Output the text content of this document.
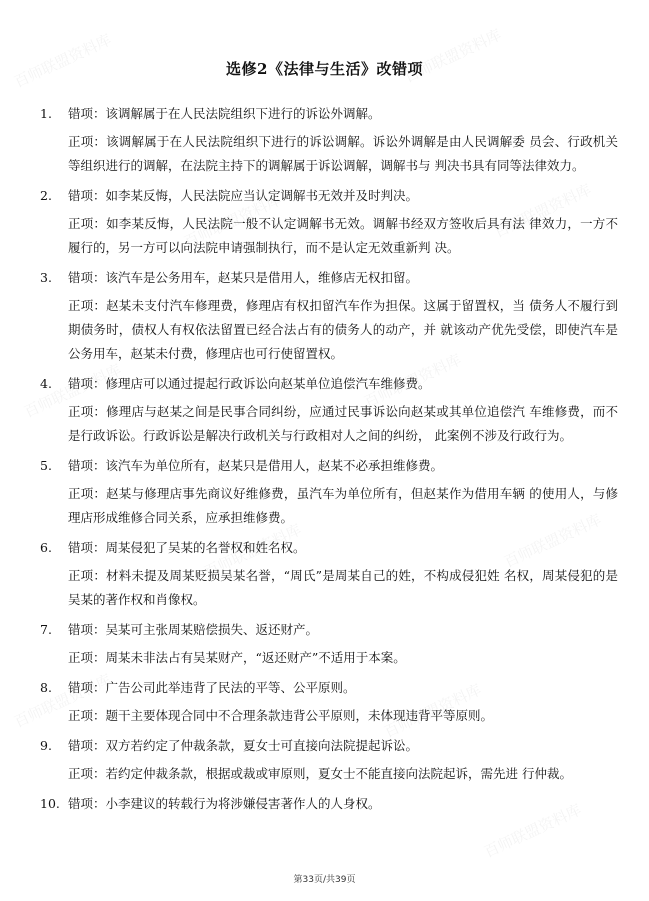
选修2《法律与生活》改错项
1.	错项：该调解属于在人民法院组织下进行的诉讼外调解。
正项：该调解属于在人民法院组织下进行的诉讼调解。诉讼外调解是由人民调解委 员会、行政机关等组织进行的调解，在法院主持下的调解属于诉讼调解，调解书与 判决书具有同等法律效力。
2.	错项：如李某反悔，人民法院应当认定调解书无效并及时判决。
正项：如李某反悔，人民法院一般不认定调解书无效。调解书经双方签收后具有法 律效力，一方不履行的，另一方可以向法院申请强制执行，而不是认定无效重新判 决。
3.	错项：该汽车是公务用车，赵某只是借用人，维修店无权扣留。
正项：赵某未支付汽车修理费，修理店有权扣留汽车作为担保。这属于留置权，当 债务人不履行到期债务时，债权人有权依法留置已经合法占有的债务人的动产，并 就该动产优先受偿，即使汽车是公务用车，赵某未付费，修理店也可行使留置权。
4.	错项：修理店可以通过提起行政诉讼向赵某单位追偿汽车维修费。
正项：修理店与赵某之间是民事合同纠纷，应通过民事诉讼向赵某或其单位追偿汽 车维修费，而不是行政诉讼。行政诉讼是解决行政机关与行政相对人之间的纠纷， 此案例不涉及行政行为。
5.	错项：该汽车为单位所有，赵某只是借用人，赵某不必承担维修费。
正项：赵某与修理店事先商议好维修费，虽汽车为单位所有，但赵某作为借用车辆 的使用人，与修理店形成维修合同关系，应承担维修费。
6.	错项：周某侵犯了吴某的名誉权和姓名权。
正项：材料未提及周某贬损吴某名誉，“周氏”是周某自己的姓，不构成侵犯姓 名权，周某侵犯的是吴某的著作权和肖像权。
7.	错项：吴某可主张周某赔偿损失、返还财产。
正项：周某未非法占有吴某财产，“返还财产”不适用于本案。
8.	错项：广告公司此举违背了民法的平等、公平原则。
正项：题干主要体现合同中不合理条款违背公平原则，未体现违背平等原则。
9.	错项：双方若约定了仲裁条款，夏女士可直接向法院提起诉讼。
正项：若约定仲裁条款，根据或裁或审原则，夏女士不能直接向法院起诉，需先进 行仲裁。
10. 错项：小李建议的转载行为将涉嫌侵害著作人的人身权。
第33页/共39页
